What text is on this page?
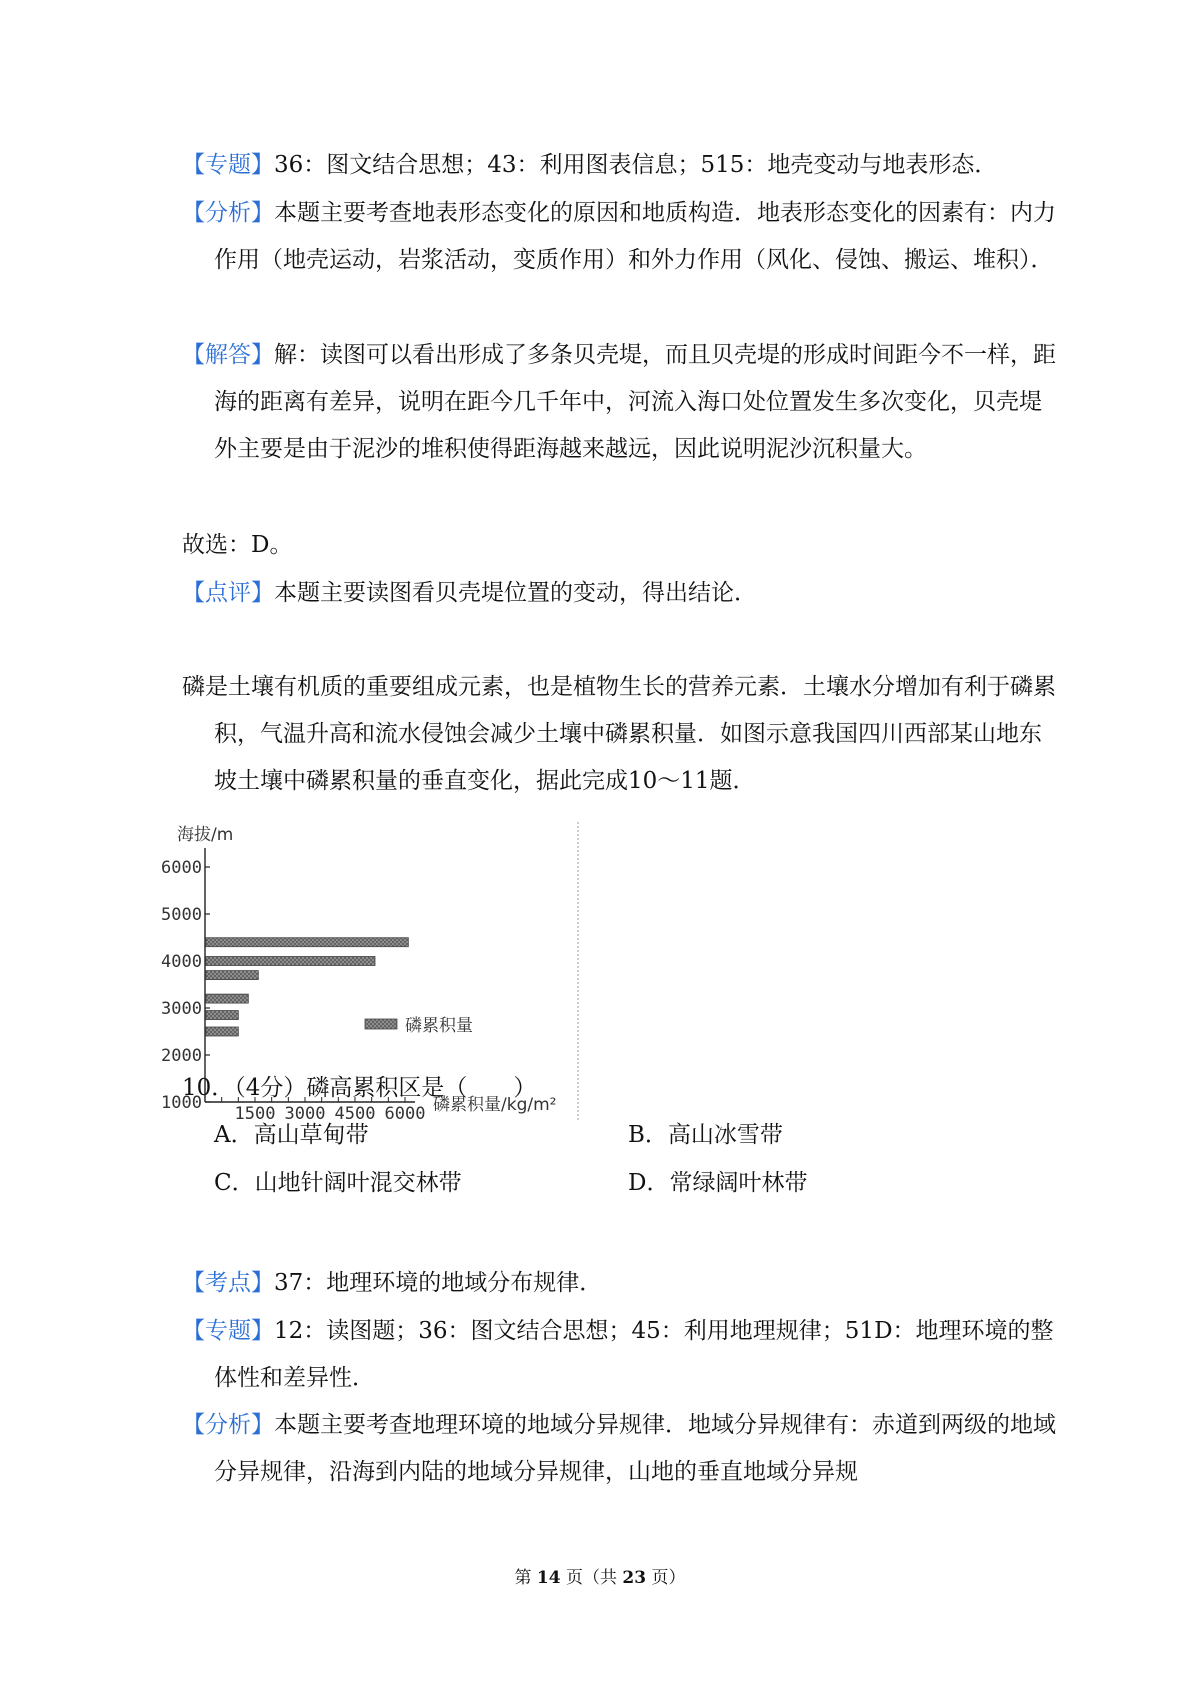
【专题】36：图文结合思想；43：利用图表信息；515：地壳变动与地表形态．
【分析】本题主要考查地表形态变化的原因和地质构造．地表形态变化的因素有：内力作用（地壳运动，岩浆活动，变质作用）和外力作用（风化、侵蚀、搬运、堆积）．
【解答】解：读图可以看出形成了多条贝壳堤，而且贝壳堤的形成时间距今不一样，距海的距离有差异，说明在距今几千年中，河流入海口处位置发生多次变化，贝壳堤外主要是由于泥沙的堆积使得距海越来越远，因此说明泥沙沉积量大。
故选：D。
【点评】本题主要读图看贝壳堤位置的变动，得出结论．
磷是土壤有机质的重要组成元素，也是植物生长的营养元素．土壤水分增加有利于磷累积，气温升高和流水侵蚀会减少土壤中磷累积量．如图示意我国四川西部某山地东坡土壤中磷累积量的垂直变化，据此完成10～11题．
海拔/m
6000
5000
4000
3000
2000
1000
1500 3000 4500 6000
磷累积量
磷累积量/kg/m²
10．（4分）磷高累积区是（　　）
A．高山草甸带	B．高山冰雪带
C．山地针阔叶混交林带	D．常绿阔叶林带
【考点】37：地理环境的地域分布规律．
【专题】12：读图题；36：图文结合思想；45：利用地理规律；51D：地理环境的整体性和差异性．
【分析】本题主要考查地理环境的地域分异规律．地域分异规律有：赤道到两级的地域分异规律，沿海到内陆的地域分异规律，山地的垂直地域分异规
第 14 页（共 23 页）
